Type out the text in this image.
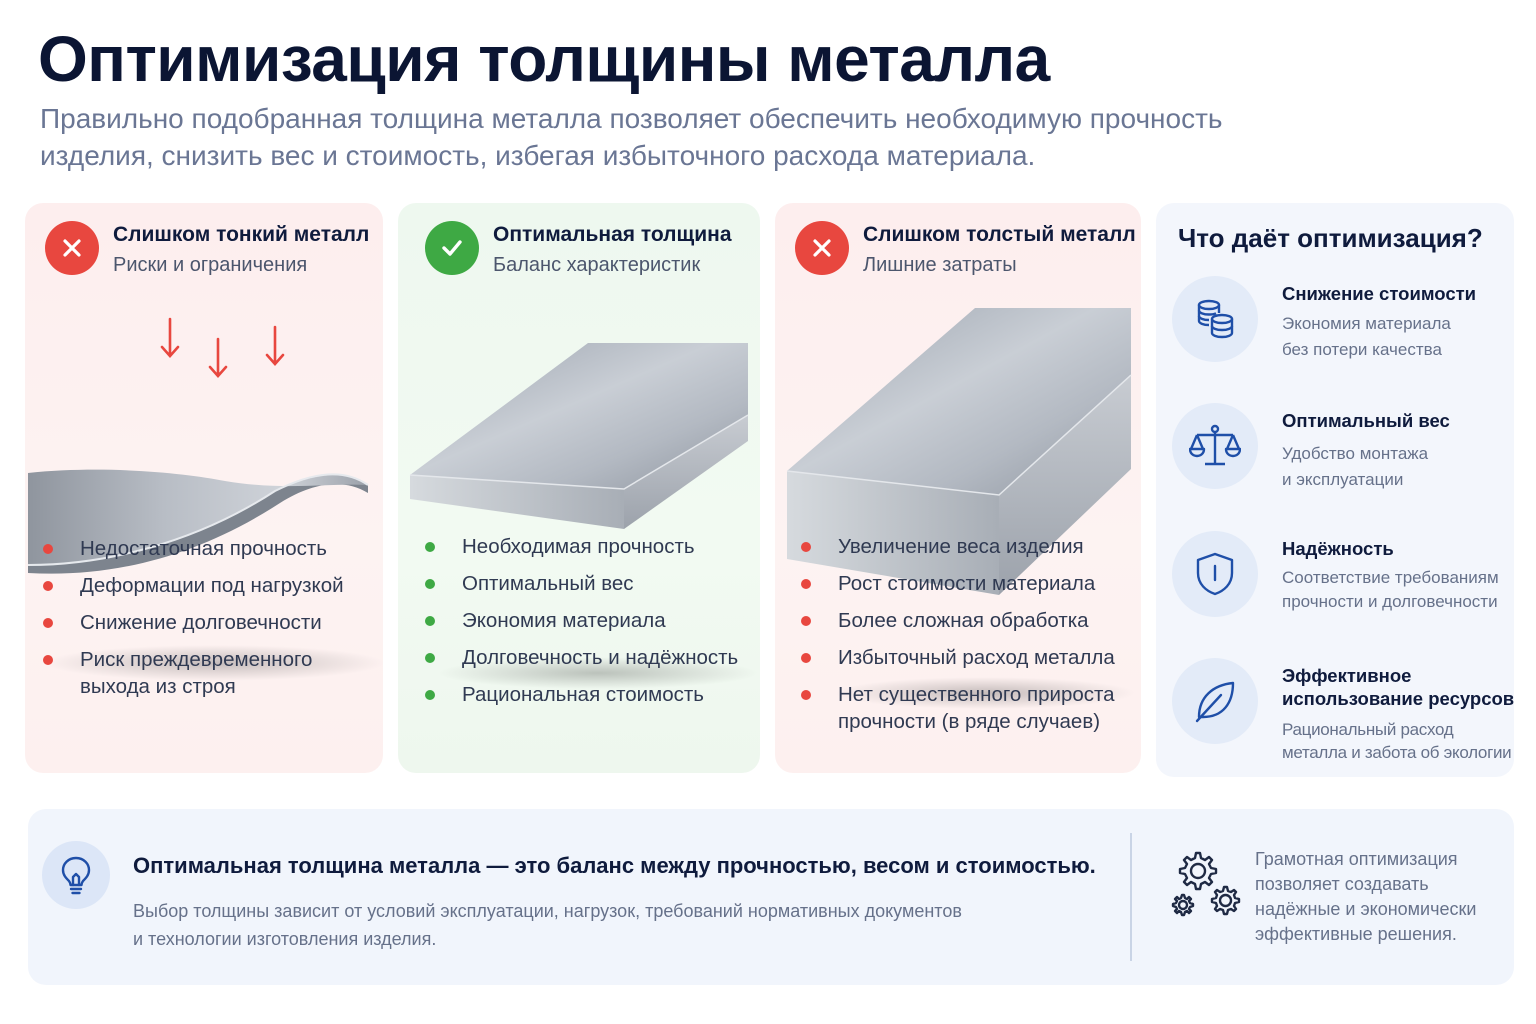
Оптимизация толщины металла
Правильно подобранная толщина металла позволяет обеспечить необходимую прочность
изделия, снизить вес и стоимость, избегая избыточного расхода материала.
Слишком тонкий металл
Риски и ограничения
Недостаточная прочность
Деформации под нагрузкой
Снижение долговечности
Риск преждевременного
выхода из строя
Оптимальная толщина
Баланс характеристик
Необходимая прочность
Оптимальный вес
Экономия материала
Долговечность и надёжность
Рациональная стоимость
Слишком толстый металл
Лишние затраты
Увеличение веса изделия
Рост стоимости материала
Более сложная обработка
Избыточный расход металла
Нет существенного прироста
прочности (в ряде случаев)
Что даёт оптимизация?
Снижение стоимости
Экономия материала
без потери качества
Оптимальный вес
Удобство монтажа
и эксплуатации
Надёжность
Соответствие требованиям
прочности и долговечности
Эффективное
использование ресурсов
Рациональный расход
металла и забота об экологии
Оптимальная толщина металла — это баланс между прочностью, весом и стоимостью.
Выбор толщины зависит от условий эксплуатации, нагрузок, требований нормативных документов
и технологии изготовления изделия.
Грамотная оптимизация
позволяет создавать
надёжные и экономически
эффективные решения.
